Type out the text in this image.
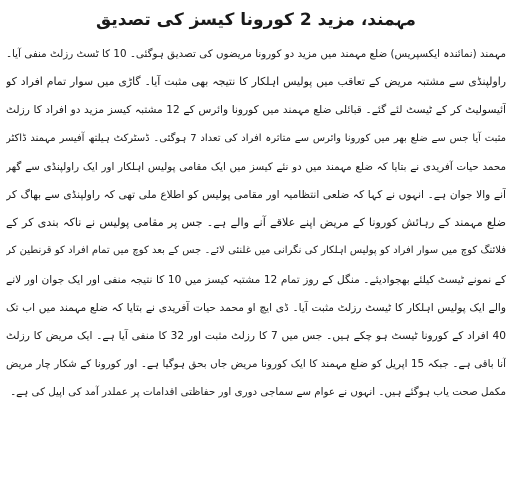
مہمند، مزید 2 کورونا کیسز کی تصدیق
مہمند (نمائندہ ایکسپریس) ضلع مہمند میں مزید دو کورونا مریضوں کی تصدیق ہوگئی۔ 10 کا ٹسٹ رزلٹ منفی آیا۔
راولپنڈی سے مشتبہ مریض کے تعاقب میں پولیس اہلکار کا نتیجہ بھی مثبت آیا۔ گاڑی میں سوار تمام افراد کو
آئیسولیٹ کر کے ٹیسٹ لئے گئے۔ قبائلی ضلع مہمند میں کورونا وائرس کے 12 مشتبہ کیسز مزید دو افراد کا رزلٹ
مثبت آیا جس سے ضلع بھر میں کورونا وائرس سے متاثرہ افراد کی تعداد 7 ہوگئی۔ ڈسٹرکٹ ہیلتھ آفیسر مہمند ڈاکٹر
محمد حیات آفریدی نے بتایا کہ ضلع مہمند میں دو نئے کیسز میں ایک مقامی پولیس اہلکار اور ایک راولپنڈی سے گھر
آنے والا جوان ہے۔ انہوں نے کہا کہ ضلعی انتظامیہ اور مقامی پولیس کو اطلاع ملی تھی کہ راولپنڈی سے بھاگ کر
ضلع مہمند کے رہائش کورونا کے مریض اپنے علاقے آنے والے ہے۔ جس پر مقامی پولیس نے ناکہ بندی کر کے
فلائنگ کوچ میں سوار افراد کو پولیس اہلکار کی نگرانی میں غلنئی لائے۔ جس کے بعد کوچ میں تمام افراد کو قرنطین کر
کے نمونے ٹیسٹ کیلئے بھجوادیئے۔ منگل کے روز تمام 12 مشتبہ کیسز میں 10 کا نتیجہ منفی اور ایک جوان اور لانے
والے ایک پولیس اہلکار کا ٹیسٹ رزلٹ مثبت آیا۔ ڈی ایچ او محمد حیات آفریدی نے بتایا کہ ضلع مہمند میں اب تک
40 افراد کے کورونا ٹیسٹ ہو چکے ہیں۔ جس میں 7 کا رزلٹ مثبت اور 32 کا منفی آیا ہے۔ ایک مریض کا رزلٹ
آنا باقی ہے۔ جبکہ 15 اپریل کو ضلع مہمند کا ایک کورونا مریض جاں بحق ہوگیا ہے۔ اور کورونا کے شکار چار مریض
مکمل صحت یاب ہوگئے ہیں۔ انہوں نے عوام سے سماجی دوری اور حفاظتی اقدامات پر عملدر آمد کی اپیل کی ہے۔
